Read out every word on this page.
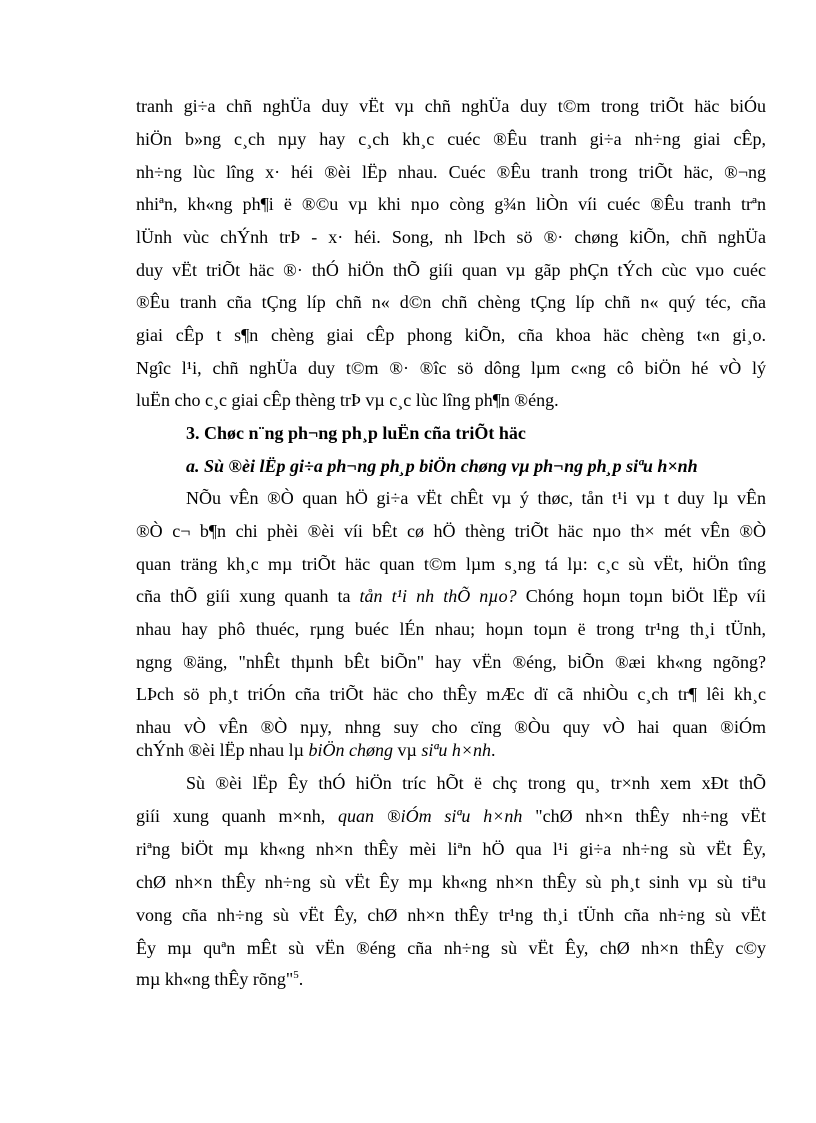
tranh gi÷a chñ nghÜa duy vËt vµ chñ nghÜa duy t©m trong triÕt häc biÓu
hiÖn b»ng c¸ch nµy hay c¸ch kh¸c cuéc ®Êu tranh gi÷a nh÷ng giai cÊp,
nh÷ng lùc lîng x· héi ®èi lËp nhau. Cuéc ®Êu tranh trong triÕt häc, ®¬ng
nhiªn, kh«ng ph¶i ë ®©u vµ khi nµo còng g¾n liÒn víi cuéc ®Êu tranh trªn
lÜnh vùc chÝnh trÞ - x· héi. Song, nh lÞch sö ®· chøng kiÕn, chñ nghÜa
duy vËt triÕt häc ®· thÓ hiÖn thÕ giíi quan vµ gãp phÇn tÝch cùc vµo cuéc
®Êu tranh cña tÇng líp chñ n« d©n chñ chèng tÇng líp chñ n« quý téc, cña
giai cÊp t s¶n chèng giai cÊp phong kiÕn, cña khoa häc chèng t«n gi¸o.
Ngîc l¹i, chñ nghÜa duy t©m ®· ®îc sö dông lµm c«ng cô biÖn hé vÒ lý
luËn cho c¸c giai cÊp thèng trÞ vµ c¸c lùc lîng ph¶n ®éng.
3. Chøc n¨ng ph¬ng ph¸p luËn cña triÕt häc
a. Sù ®èi lËp gi÷a ph¬ng ph¸p biÖn chøng vµ ph¬ng ph¸p siªu h×nh
NÕu vÊn ®Ò quan hÖ gi÷a vËt chÊt vµ ý thøc, tån t¹i vµ t duy lµ vÊn
®Ò c¬ b¶n chi phèi ®èi víi bÊt cø hÖ thèng triÕt häc nµo th× mét vÊn ®Ò
quan träng kh¸c mµ triÕt häc quan t©m lµm s¸ng tá lµ: c¸c sù vËt, hiÖn tîng
cña thÕ giíi xung quanh ta tån t¹i nh thÕ nµo? Chóng hoµn toµn biÖt lËp víi
nhau hay phô thuéc, rµng buéc lÉn nhau; hoµn toµn ë trong tr¹ng th¸i tÜnh,
ngng ®äng, "nhÊt thµnh bÊt biÕn" hay vËn ®éng, biÕn ®æi kh«ng ngõng?
LÞch sö ph¸t triÓn cña triÕt häc cho thÊy mÆc dï cã nhiÒu c¸ch tr¶ lêi kh¸c
nhau vÒ vÊn ®Ò nµy, nhng suy cho cïng ®Òu quy vÒ hai quan ®iÓm
chÝnh ®èi lËp nhau lµ biÖn chøng vµ siªu h×nh.
Sù ®èi lËp Êy thÓ hiÖn tríc hÕt ë chç trong qu¸ tr×nh xem xÐt thÕ
giíi xung quanh m×nh, quan ®iÓm siªu h×nh "chØ nh×n thÊy nh÷ng vËt
riªng biÖt mµ kh«ng nh×n thÊy mèi liªn hÖ qua l¹i gi÷a nh÷ng sù vËt Êy,
chØ nh×n thÊy nh÷ng sù vËt Êy mµ kh«ng nh×n thÊy sù ph¸t sinh vµ sù tiªu
vong cña nh÷ng sù vËt Êy, chØ nh×n thÊy tr¹ng th¸i tÜnh cña nh÷ng sù vËt
Êy mµ quªn mÊt sù vËn ®éng cña nh÷ng sù vËt Êy, chØ nh×n thÊy c©y
mµ kh«ng thÊy rõng"$^5$.
